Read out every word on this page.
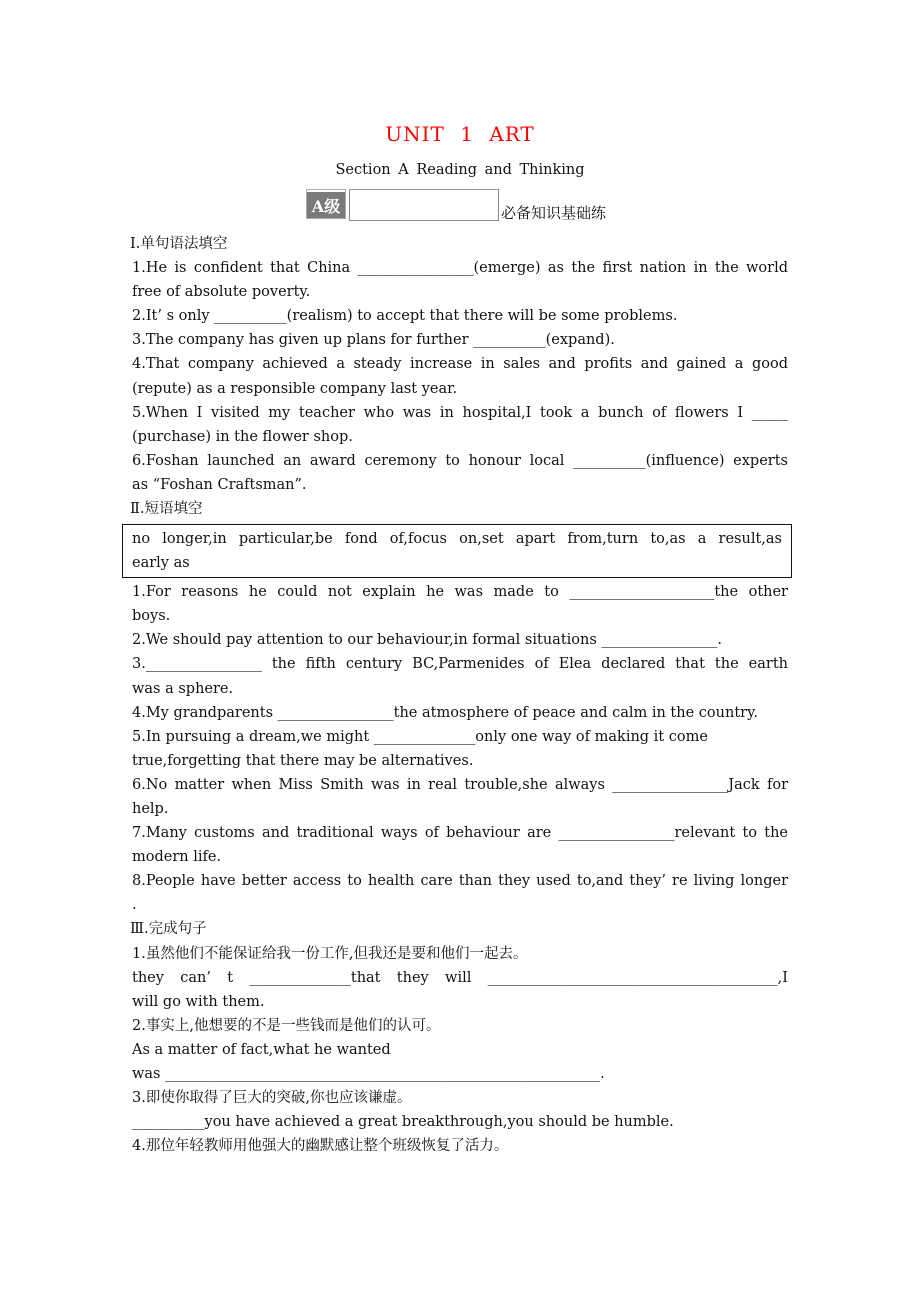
UNIT 1 ART
Section A Reading and Thinking
A级	必备知识基础练
Ⅰ.单句语法填空
1.He is confident that China ________________(emerge) as the first nation in the world
free of absolute poverty.
2.It’ s only __________(realism) to accept that there will be some problems.
3.The company has given up plans for further __________(expand).
4.That company achieved a steady increase in sales and profits and gained a good
(repute) as a responsible company last year.
5.When I visited my teacher who was in hospital,I took a bunch of flowers I _____
(purchase) in the flower shop.
6.Foshan launched an award ceremony to honour local __________(influence) experts
as “Foshan Craftsman”.
Ⅱ.短语填空
no longer,in particular,be fond of,focus on,set apart from,turn to,as a result,as
early as
1.For reasons he could not explain he was made to ____________________the other
boys.
2.We should pay attention to our behaviour,in formal situations ________________.
3.________________ the fifth century BC,Parmenides of Elea declared that the earth
was a sphere.
4.My grandparents ________________the atmosphere of peace and calm in the country.
5.In pursuing a dream,we might ______________only one way of making it come
true,forgetting that there may be alternatives.
6.No matter when Miss Smith was in real trouble,she always ________________Jack for
help.
7.Many customs and traditional ways of behaviour are ________________relevant to the
modern life.
8.People have better access to health care than they used to,and they’ re living longer
.
Ⅲ.完成句子
1.虽然他们不能保证给我一份工作,但我还是要和他们一起去。
they can’ t ______________that they will ________________________________________,I
will go with them.
2.事实上,他想要的不是一些钱而是他们的认可。
As a matter of fact,what he wanted
was ____________________________________________________________.
3.即使你取得了巨大的突破,你也应该谦虚。
__________you have achieved a great breakthrough,you should be humble.
4.那位年轻教师用他强大的幽默感让整个班级恢复了活力。
